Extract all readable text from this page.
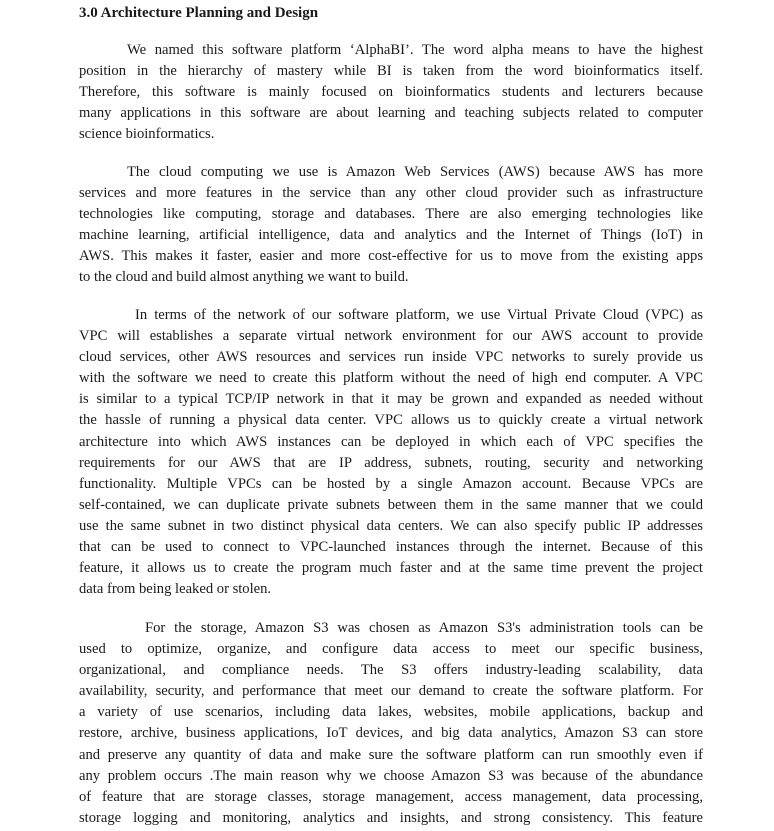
3.0 Architecture Planning and Design
We named this software platform ‘AlphaBI’. The word alpha means to have the highest
position in the hierarchy of mastery while BI is taken from the word bioinformatics itself.
Therefore, this software is mainly focused on bioinformatics students and lecturers because
many applications in this software are about learning and teaching subjects related to computer
science bioinformatics.
The cloud computing we use is Amazon Web Services (AWS) because AWS has more
services and more features in the service than any other cloud provider such as infrastructure
technologies like computing, storage and databases. There are also emerging technologies like
machine learning, artificial intelligence, data and analytics and the Internet of Things (IoT) in
AWS. This makes it faster, easier and more cost-effective for us to move from the existing apps
to the cloud and build almost anything we want to build.
In terms of the network of our software platform, we use Virtual Private Cloud (VPC) as
VPC will establishes a separate virtual network environment for our AWS account to provide
cloud services, other AWS resources and services run inside VPC networks to surely provide us
with the software we need to create this platform without the need of high end computer. A VPC
is similar to a typical TCP/IP network in that it may be grown and expanded as needed without
the hassle of running a physical data center. VPC allows us to quickly create a virtual network
architecture into which AWS instances can be deployed in which each of VPC specifies the
requirements for our AWS that are IP address, subnets, routing, security and networking
functionality. Multiple VPCs can be hosted by a single Amazon account. Because VPCs are
self-contained, we can duplicate private subnets between them in the same manner that we could
use the same subnet in two distinct physical data centers. We can also specify public IP addresses
that can be used to connect to VPC-launched instances through the internet. Because of this
feature, it allows us to create the program much faster and at the same time prevent the project
data from being leaked or stolen.
For the storage, Amazon S3 was chosen as Amazon S3's administration tools can be
used to optimize, organize, and configure data access to meet our specific business,
organizational, and compliance needs. The S3 offers industry-leading scalability, data
availability, security, and performance that meet our demand to create the software platform. For
a variety of use scenarios, including data lakes, websites, mobile applications, backup and
restore, archive, business applications, IoT devices, and big data analytics, Amazon S3 can store
and preserve any quantity of data and make sure the software platform can run smoothly even if
any problem occurs .The main reason why we choose Amazon S3 was because of the abundance
of feature that are storage classes, storage management, access management, data processing,
storage logging and monitoring, analytics and insights, and strong consistency. This feature
